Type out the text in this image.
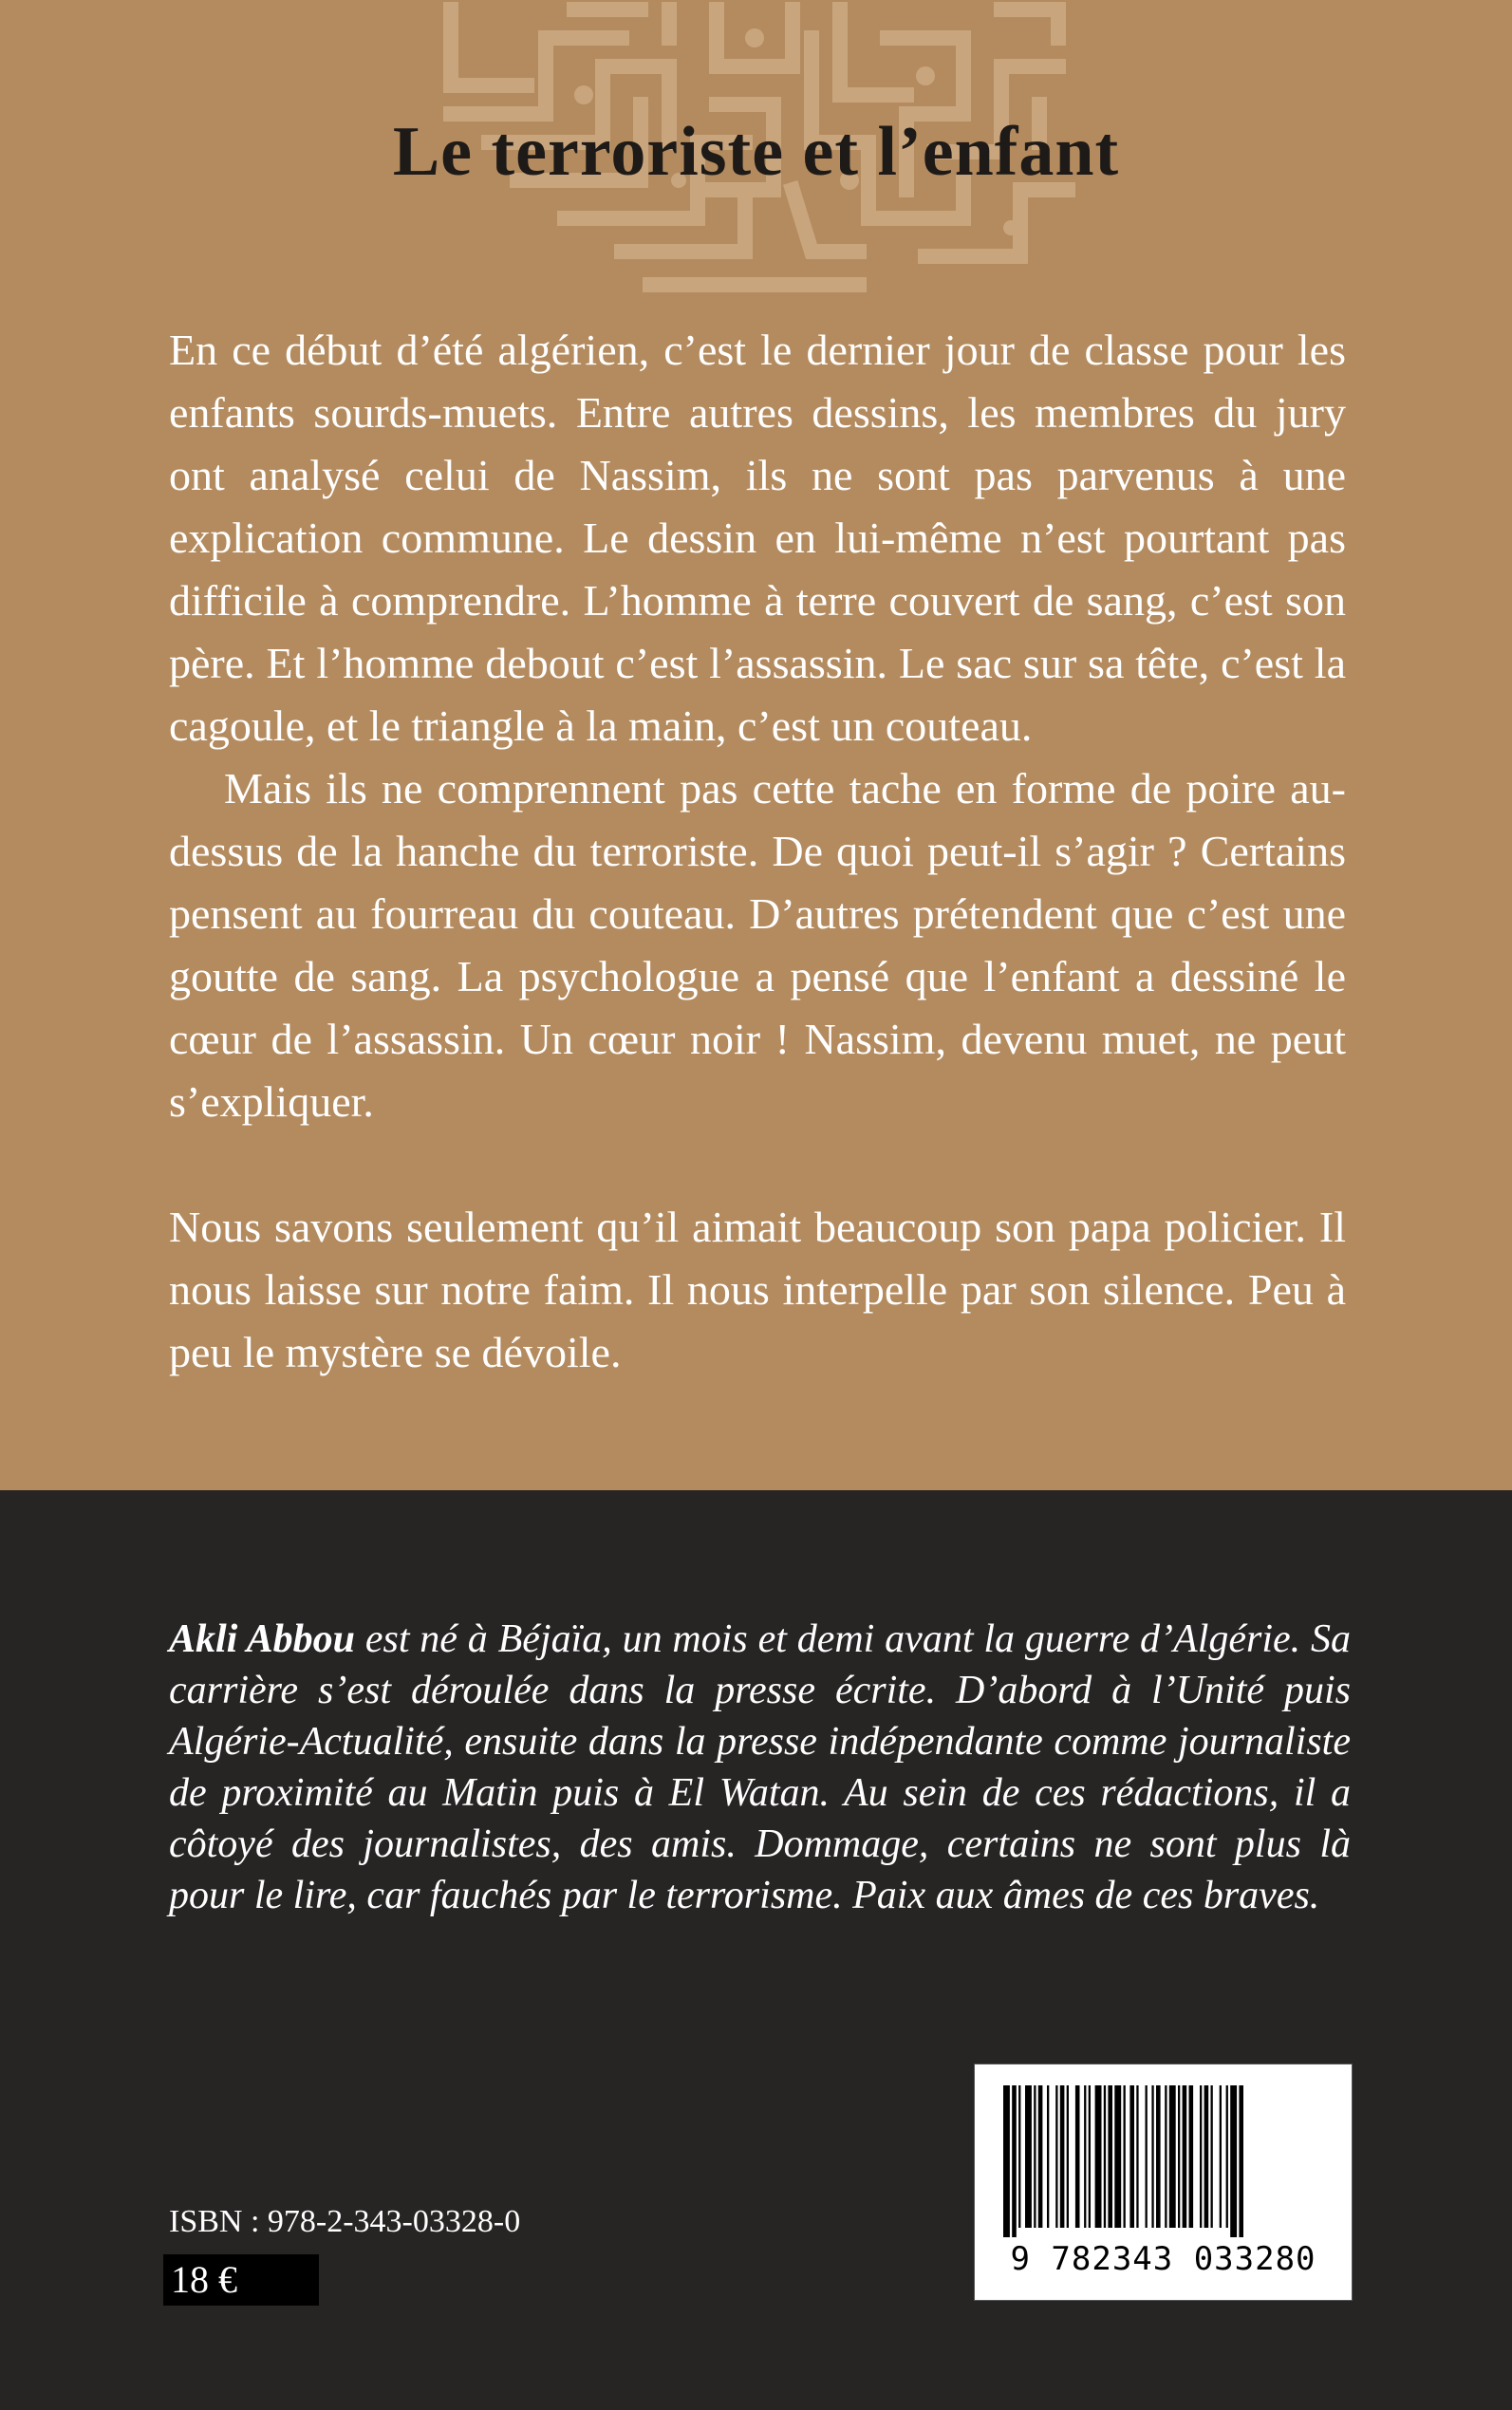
Le terroriste et l’enfant

En ce début d’été algérien, c’est le dernier jour de classe pour les enfants sourds-muets. Entre autres dessins, les membres du jury ont analysé celui de Nassim, ils ne sont pas parvenus à une explication commune. Le dessin en lui-même n’est pourtant pas difficile à comprendre. L’homme à terre couvert de sang, c’est son père. Et l’homme debout c’est l’assassin. Le sac sur sa tête, c’est la cagoule, et le triangle à la main, c’est un couteau.

Mais ils ne comprennent pas cette tache en forme de poire au-dessus de la hanche du terroriste. De quoi peut-il s’agir ? Certains pensent au fourreau du couteau. D’autres prétendent que c’est une goutte de sang. La psychologue a pensé que l’enfant a dessiné le cœur de l’assassin. Un cœur noir ! Nassim, devenu muet, ne peut s’expliquer.

Nous savons seulement qu’il aimait beaucoup son papa policier. Il nous laisse sur notre faim. Il nous interpelle par son silence. Peu à peu le mystère se dévoile.

Akli Abbou est né à Béjaïa, un mois et demi avant la guerre d’Algérie. Sa carrière s’est déroulée dans la presse écrite. D’abord à l’Unité puis Algérie-Actualité, ensuite dans la presse indépendante comme journaliste de proximité au Matin puis à El Watan. Au sein de ces rédactions, il a côtoyé des journalistes, des amis. Dommage, certains ne sont plus là pour le lire, car fauchés par le terrorisme. Paix aux âmes de ces braves.

ISBN : 978-2-343-03328-0

18 €	9 782343 033280
